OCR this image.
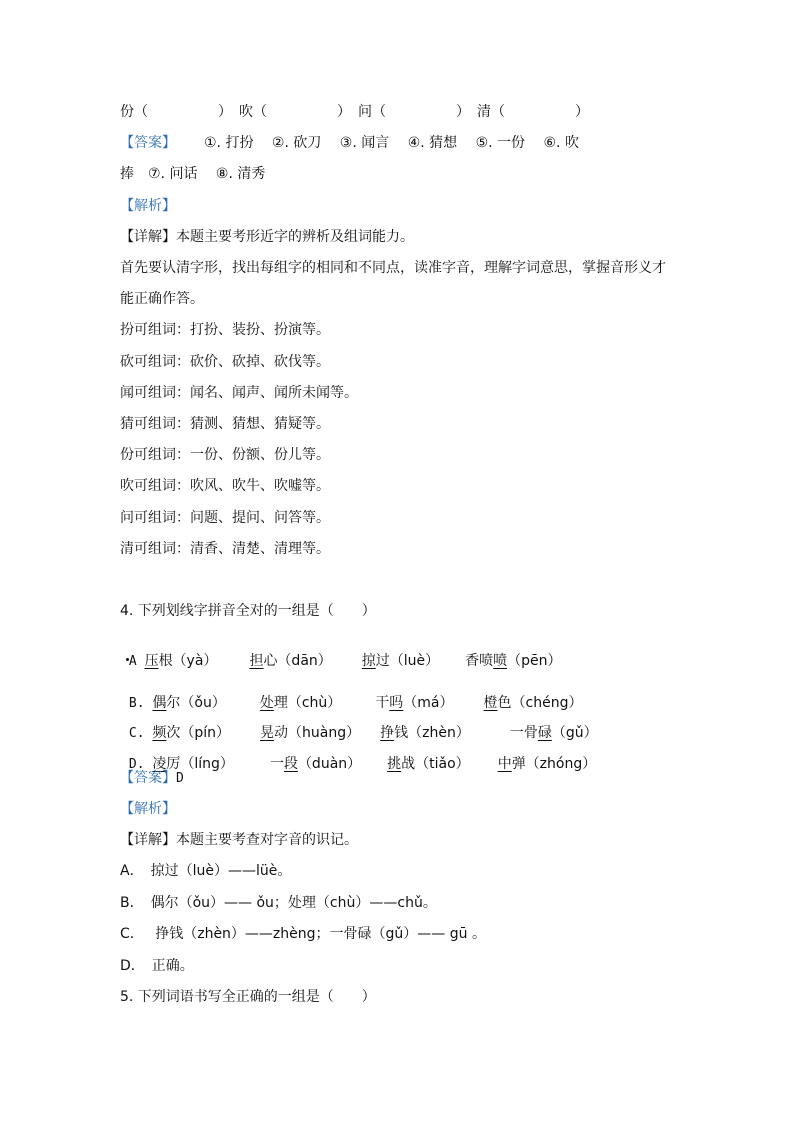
份（　　　　　）　吹（　　　　　）　问（　　　　　）　清（　　　　　）
【答案】 ①. 打扮　 ②. 砍刀　 ③. 闻言　 ④. 猜想　 ⑤. 一份　 ⑥. 吹
捧　⑦. 问话　 ⑧. 清秀
【解析】
【详解】本题主要考形近字的辨析及组词能力。
首先要认清字形，找出每组字的相同和不同点，读准字音，理解字词意思，掌握音形义才
能正确作答。
扮可组词：打扮、装扮、扮演等。
砍可组词：砍价、砍掉、砍伐等。
闻可组词：闻名、闻声、闻所未闻等。
猜可组词：猜测、猜想、猜疑等。
份可组词：一份、份额、份儿等。
吹可组词：吹风、吹牛、吹嘘等。
问可组词：问题、提问、问答等。
清可组词：清香、清楚、清理等。
4. 下列划线字拼音全对的一组是（　　）

A 压根（yà） 担心（dān） 掠过（luè） 香喷喷（pēn）

B. 偶尔（ǒu） 处理（chù） 干吗（má） 橙色（chéng）

C. 频次（pín） 晃动（huàng） 挣钱（zhèn）	一骨碌（gǔ）

D. 凌厉（líng）	一段（duàn） 挑战（tiǎo） 中弹（zhóng）

【答案】D
【解析】
【详解】本题主要考查对字音的识记。
A．　掠过（luè）——lüè。
B．　偶尔（ǒu）—— ǒu；处理（chù）——chǔ。
C．　 挣钱（zhèn）——zhèng；一骨碌（gǔ）—— gū 。
D．　正确。
5. 下列词语书写全正确的一组是（　　）
